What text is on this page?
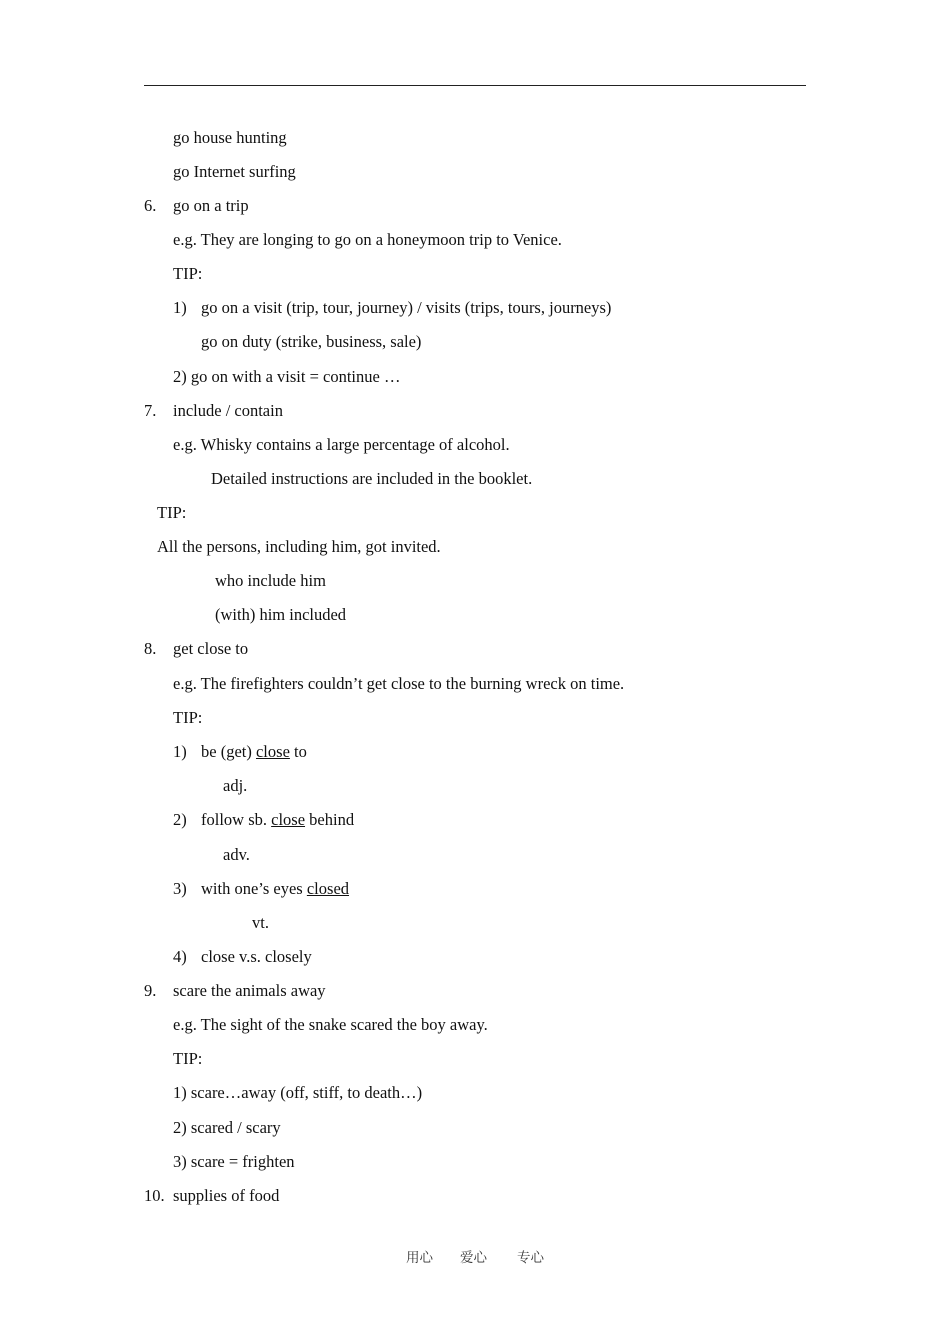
go house hunting
go Internet surfing
6. go on a trip
e.g. They are longing to go on a honeymoon trip to Venice.
TIP:
1) go on a visit (trip, tour, journey) / visits (trips, tours, journeys)
go on duty (strike, business, sale)
2) go on with a visit = continue …
7. include / contain
e.g. Whisky contains a large percentage of alcohol.
Detailed instructions are included in the booklet.
TIP:
All the persons, including him, got invited.
who include him
(with) him included
8. get close to
e.g. The firefighters couldn’t get close to the burning wreck on time.
TIP:
1) be (get) close to
adj.
2) follow sb. close behind
adv.
3) with one’s eyes closed
vt.
4) close v.s. closely
9. scare the animals away
e.g. The sight of the snake scared the boy away.
TIP:
1) scare…away (off, stiff, to death…)
2) scared / scary
3) scare = frighten
10. supplies of food
用心 爱心 专心
